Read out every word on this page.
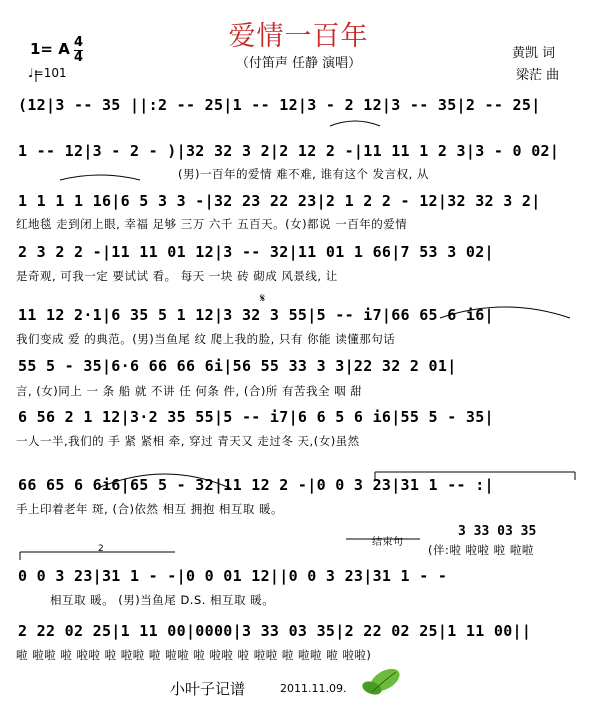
爱情一百年
（付笛声 任静 演唱）
1= A $\frac{4}{4}$
♩=101
黄凯 词
梁茫 曲
(12|3 -- 35 ||:2 -- 25|1 -- 12|3 - 2 12|3 -- 35|2 -- 25|
1 -- 12|3 - 2 - )|32 32 3 2|2 12 2 -|11 11 1 2 3|3 - 0 02|
(男)一百年的爱情 难不难, 谁有这个 发言权, 从
1 1 1 1 16|6 5 3 3 -|32 23 22 23|2 1 2 2 - 12|32 32 3 2|
红地毯 走到闭上眼, 幸福 足够 三万 六千 五百天。(女)都说 一百年的爱情
2 3 2 2 -|11 11 01 12|3 -- 32|11 01 1 66|7 53 3 02|
是奇观, 可我一定 要试试 看。 每天 一块 砖 砌成 风景线, 让
11 12 2·1|6 35 5 1 12|3 32 3 55|5 -- i7|66 65 6 i6|
我们变成 爱 的典范。(男)当鱼尾 纹 爬上我的脸, 只有 你能 读懂那句话
55 5 - 35|6·6 66 66 6i|56 55 33 3 3|22 32 2 01|
言, (女)同上 一 条 船 就 不讲 任 何条 件, (合)所 有苦我全 咽 甜
6 56 2 1 12|3·2 35 55|5 -- i7|6 6 5 6 i6|55 5 - 35|
一人一半,我们的 手 紧 紧相 牵, 穿过 青天又 走过冬 天,(女)虽然
66 65 6 6i6|65 5 - 32|11 12 2 -|0 0 3 23|31 1 -- :|
手上印着老年 斑, (合)依然 相互 拥抱 相互取 暖。
结束句
2
3 33 03 35
(伴:啦 啦啦 啦 啦啦
0 0 3 23|31 1 - -|0 0 01 12||0 0 3 23|31 1 - -
相互取 暖。 (男)当鱼尾 D.S. 相互取 暖。
2 22 02 25|1 11 00|0000|3 33 03 35|2 22 02 25|1 11 00||
啦 啦啦 啦 啦啦 啦 啦啦 啦 啦啦 啦 啦啦 啦 啦啦 啦 啦啦 啦 啦啦)
𝄋
小叶子记谱	2011.11.09.
